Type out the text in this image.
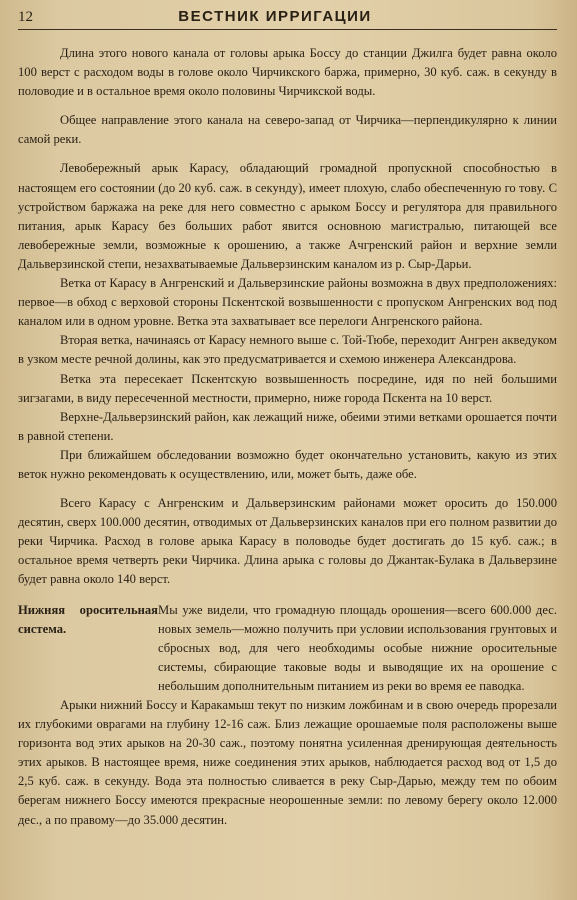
12	ВЕСТНИК ИРРИГАЦИИ

Длина этого нового канала от головы арыка Боссу до станции Джилга будет равна около 100 верст с расходом воды в голове около Чирчикского бaржа, примерно, 30 куб. саж. в секунду в половодие и в остальное время около половины Чирчикской воды.

Общее направление этого канала на северо-запад от Чирчика—перпендикулярно к линии самой реки.

Левобережный арык Карасу, обладающий громадной пропускной способностью в настоящем его состоянии (до 20 куб. саж. в секунду), имеет плохую, слабо обеспеченную го товy. С устройством баржажа на реке для него совместно с арыком Боссу и регулятора для правильного питания, арык Карасу без больших работ явится основною магистралью, питающей все левобережные земли, возможные к орошению, а также Ачгренский район и верхние земли Дальверзинской степи, незахватываемые Дальверзинским каналом из р. Сыр-Дарьи.

Ветка от Карасу в Ангренский и Дальверзинские районы возможна в двух предположениях: первое—в обход с верховой стороны Пскентской возвышенности с пропуском Ангренских вод под каналом или в одном уровне. Ветка эта захватывает все перелоги Ангренского района.

Вторая ветка, начинаясь от Карасу немного выше с. Той-Тюбе, переходит Ангрен акведуком в узком месте речной долины, как это предусматривается и схемою инженера Александрова.

Ветка эта пересекает Пскентскую возвышенность посредине, идя по ней большими зигзагами, в виду пересеченной местности, примерно, ниже города Пскента на 10 верст.

Верхне-Дальверзинский район, как лежащий ниже, обеими этими ветками орошается почти в равной степени.

При ближайшем обследовании возможно будет окончательно установить, какую из этих веток нужно рекомендовать к осуществлению, или, может быть, даже обе.

Всего Карасу с Ангренским и Дальверзинским районами может оросить до 150.000 десятин, сверх 100.000 десятин, отводимых от Дальверзинских каналов при его полном развитии до реки Чирчика. Расход в голове арыка Карасу в половодье будет достигать до 15 куб. саж.; в остальное время четверть реки Чирчика. Длина арыка с головы до Джантак-Булака в Дальверзине будет равна около 140 верст.

Нижняя оросительная система.

Мы уже видели, что громадную площадь орошения—всего 600.000 дес. новых земель—можно получить при условии использования грунтовых и сбросных вод, для чего необходимы особые нижние оросительные системы, сбирающие таковые воды и выводящие их на орошение с небольшим дополнительным питанием из реки во время ее паводка.

Арыки нижний Боссу и Каракамыш текут по низким ложбинам и в свою очередь прорезали их глубокими оврагами на глубину 12-16 саж. Близ лежащие орошаемые поля расположены выше горизонта вод этих арыков на 20-30 саж., поэтому понятна усиленная дренирующая деятельность этих арыков. В настоящее время, ниже соединения этих арыков, наблюдается расход вод от 1,5 до 2,5 куб. саж. в секунду. Вода эта полностью сливается в реку Сыр-Дарью, между тем по обоим берегам нижнего Боссу имеются прекрасные неорошенные земли: по левому берегу около 12.000 дес., а по правому—до 35.000 десятин.
